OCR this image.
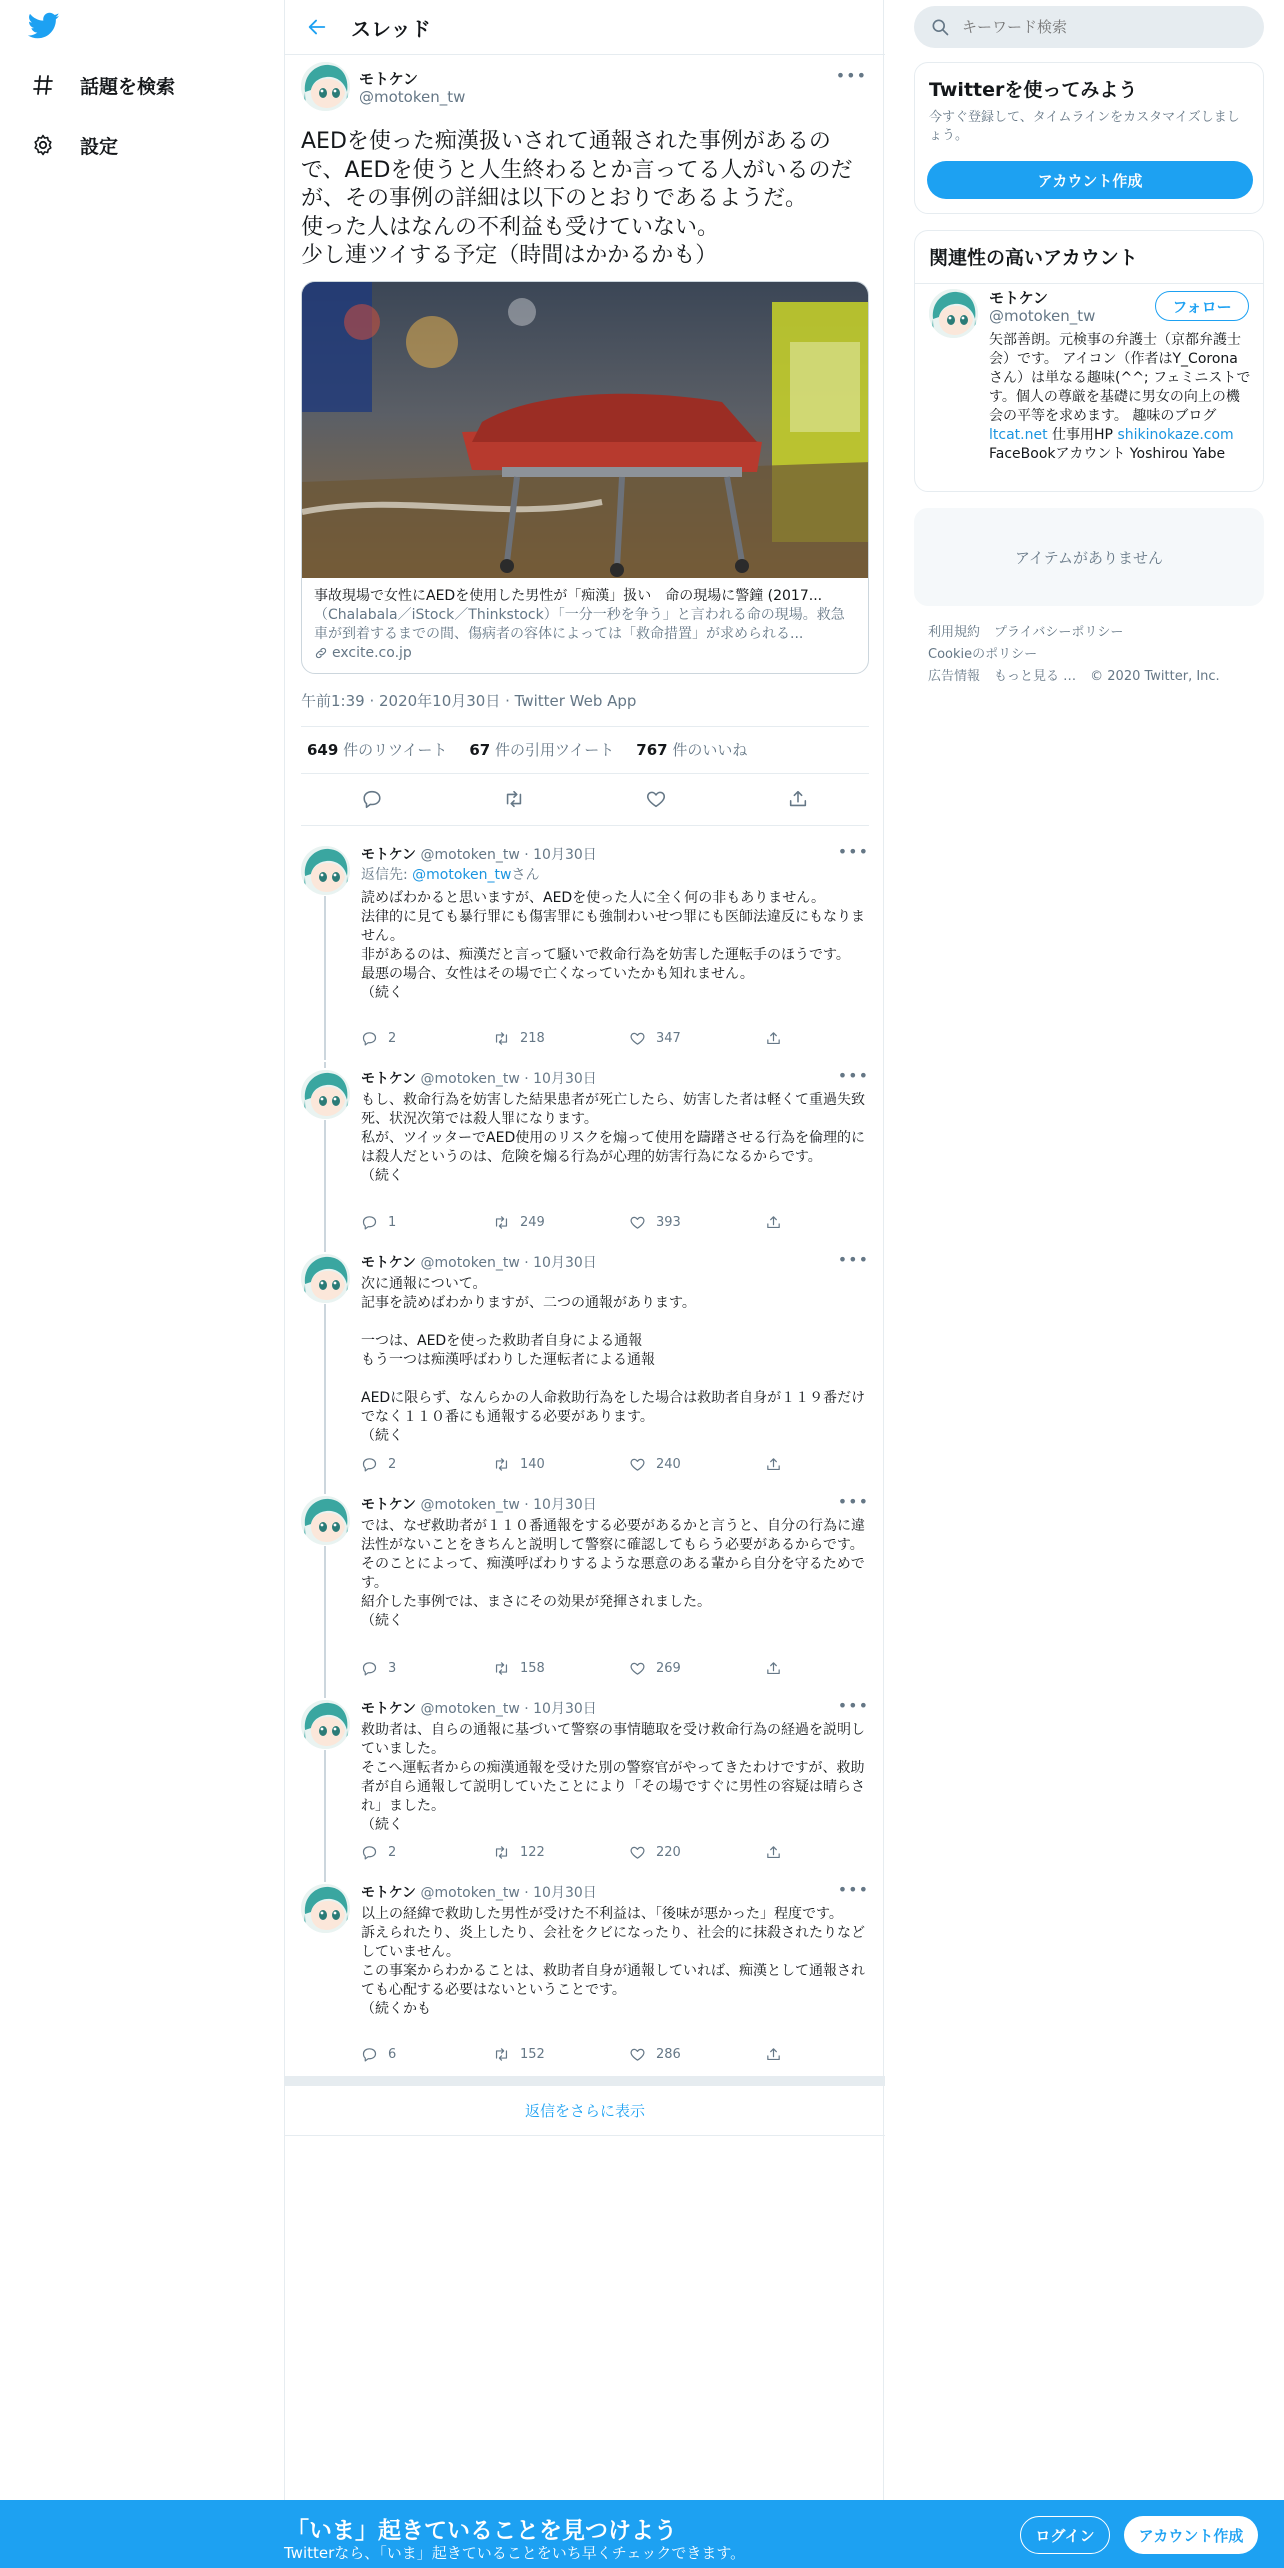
話題を検索
設定
スレッド
モトケン
@motoken_tw
•••
AEDを使った痴漢扱いされて通報された事例があるので、AEDを使うと人生終わるとか言ってる人がいるのだが、その事例の詳細は以下のとおりであるようだ。
使った人はなんの不利益も受けていない。
少し連ツイする予定（時間はかかるかも）
事故現場で女性にAEDを使用した男性が「痴漢」扱い　命の現場に警鐘 (2017...
（Chalabala／iStock／Thinkstock）「一分一秒を争う」と言われる命の現場。救急車が到着するまでの間、傷病者の容体によっては「救命措置」が求められる...
excite.co.jp
午前1:39 · 2020年10月30日 · Twitter Web App
649 件のリツイート 67 件の引用ツイート 767 件のいいね
モトケン @motoken_tw · 10月30日	•••
返信先: @motoken_twさん
読めばわかると思いますが、AEDを使った人に全く何の非もありません。
法律的に見ても暴行罪にも傷害罪にも強制わいせつ罪にも医師法違反にもなりません。
非があるのは、痴漢だと言って騒いで救命行為を妨害した運転手のほうです。
最悪の場合、女性はその場で亡くなっていたかも知れません。
（続く
2	218	347
モトケン @motoken_tw · 10月30日	•••
もし、救命行為を妨害した結果患者が死亡したら、妨害した者は軽くて重過失致死、状況次第では殺人罪になります。
私が、ツイッターでAED使用のリスクを煽って使用を躊躇させる行為を倫理的には殺人だというのは、危険を煽る行為が心理的妨害行為になるからです。
（続く
1	249	393
モトケン @motoken_tw · 10月30日	•••
次に通報について。
記事を読めばわかりますが、二つの通報があります。

一つは、AEDを使った救助者自身による通報
もう一つは痴漢呼ばわりした運転者による通報

AEDに限らず、なんらかの人命救助行為をした場合は救助者自身が１１９番だけでなく１１０番にも通報する必要があります。
（続く
2	140	240
モトケン @motoken_tw · 10月30日	•••
では、なぜ救助者が１１０番通報をする必要があるかと言うと、自分の行為に違法性がないことをきちんと説明して警察に確認してもらう必要があるからです。
そのことによって、痴漢呼ばわりするような悪意のある輩から自分を守るためです。
紹介した事例では、まさにその効果が発揮されました。
（続く
3	158	269
モトケン @motoken_tw · 10月30日	•••
救助者は、自らの通報に基づいて警察の事情聴取を受け救命行為の経過を説明していました。
そこへ運転者からの痴漢通報を受けた別の警察官がやってきたわけですが、救助者が自ら通報して説明していたことにより「その場ですぐに男性の容疑は晴らされ」ました。
（続く
2	122	220
モトケン @motoken_tw · 10月30日	•••
以上の経緯で救助した男性が受けた不利益は、「後味が悪かった」程度です。
訴えられたり、炎上したり、会社をクビになったり、社会的に抹殺されたりなどしていません。
この事案からわかることは、救助者自身が通報していれば、痴漢として通報されても心配する必要はないということです。
（続くかも
6	152	286
返信をさらに表示
キーワード検索
Twitterを使ってみよう
今すぐ登録して、タイムラインをカスタマイズしましょう。
アカウント作成
関連性の高いアカウント
モトケン
@motoken_tw
フォロー
矢部善朗。元検事の弁護士（京都弁護士会）です。 アイコン（作者はY_Coronaさん）は単なる趣味(^^; フェミニストです。個人の尊厳を基礎に男女の向上の機会の平等を求めます。 趣味のブログ ltcat.net 仕事用HP shikinokaze.com FaceBookアカウント Yoshirou Yabe
アイテムがありません
利用規約 プライバシーポリシーCookieのポリシー
広告情報 もっと見る … © 2020 Twitter, Inc.
「いま」起きていることを見つけよう
Twitterなら、「いま」起きていることをいち早くチェックできます。
ログイン	アカウント作成
